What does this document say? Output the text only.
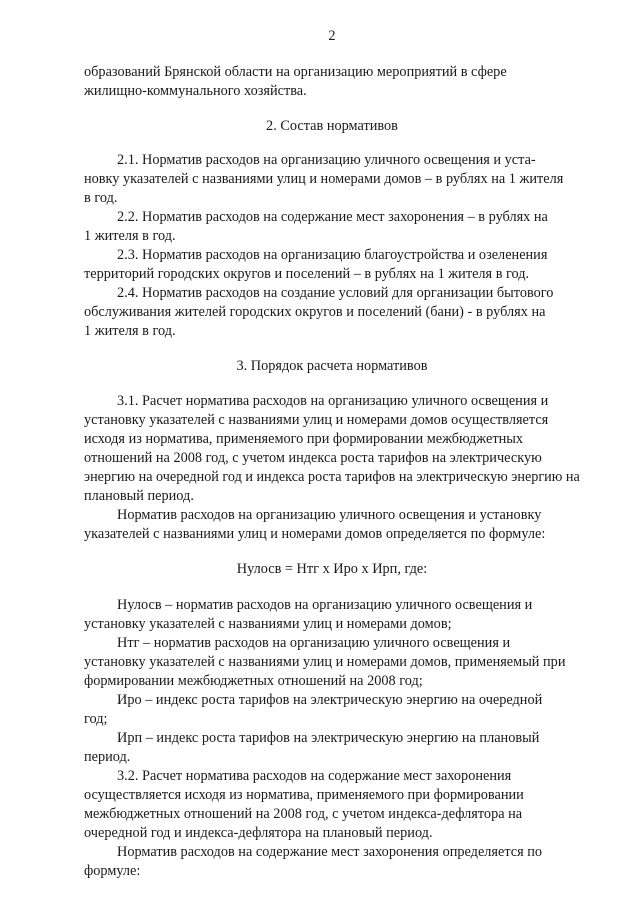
2
образований Брянской области на организацию мероприятий в сфере
жилищно-коммунального хозяйства.
2. Состав нормативов
2.1. Норматив расходов на организацию уличного освещения и уста-
новку указателей с названиями улиц и номерами домов – в рублях на 1 жителя
в год.
2.2. Норматив расходов на содержание мест захоронения – в рублях на
1 жителя в год.
2.3. Норматив расходов на организацию благоустройства и озеленения
территорий городских округов и поселений – в рублях на 1 жителя в год.
2.4. Норматив расходов на создание условий для организации бытового
обслуживания жителей городских округов и поселений (бани) - в рублях на
1 жителя в год.
3. Порядок расчета нормативов
3.1. Расчет норматива расходов на организацию уличного освещения и
установку указателей с названиями улиц и номерами домов осуществляется
исходя из норматива, применяемого при формировании межбюджетных
отношений на 2008 год, с учетом индекса роста тарифов на электрическую
энергию на очередной год и индекса роста тарифов на электрическую энергию на
плановый период.
Норматив расходов на организацию уличного освещения и установку
указателей с названиями улиц и номерами домов определяется по формуле:
Нулосв = Нтг х Иро х Ирп, где:
Нулосв – норматив расходов на организацию уличного освещения и
установку указателей с названиями улиц и номерами домов;
Нтг – норматив расходов на организацию уличного освещения и
установку указателей с названиями улиц и номерами домов, применяемый при
формировании межбюджетных отношений на 2008 год;
Иро – индекс роста тарифов на электрическую энергию на очередной
год;
Ирп – индекс роста тарифов на электрическую энергию на плановый
период.
3.2. Расчет норматива расходов на содержание мест захоронения
осуществляется исходя из норматива, применяемого при формировании
межбюджетных отношений на 2008 год, с учетом индекса-дефлятора на
очередной год и индекса-дефлятора на плановый период.
Норматив расходов на содержание мест захоронения определяется по
формуле:
